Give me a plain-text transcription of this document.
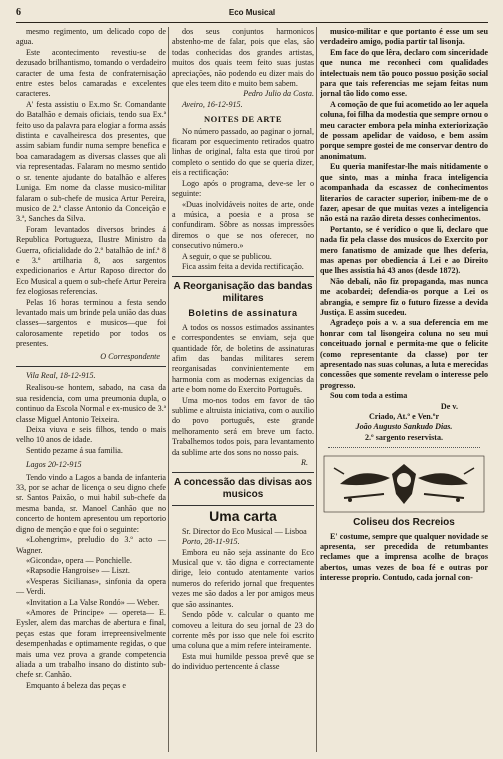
6	Eco Musical

mesmo regimento, um delicado copo de agua.

Este acontecimento revestiu-se de dezusado brilhantismo, tomando o verdadeiro caracter de uma festa de confraternisação entre estes belos camaradas e excelentes caracteres.

A' festa assistiu o Ex.mo Sr. Comandante do Batalhão e demais oficiais, tendo sua Ex.ª feito uso da palavra para elogiar a forma assás distinta e cavalheiresca dos presentes, que assim sabiam fundir numa sempre benefica e boa camaradagem as diversas classes que ali via representadas. Falaram no mesmo sentido o sr. tenente ajudante do batalhão e alferes Luniga. Em nome da classe musico-militar falaram o sub-chefe de musica Artur Pereira, musico de 2.ª classe Antonio da Conceição e 3.ª, Sanches da Silva.

Foram levantados diversos brindes á Republica Portugueza, Ilustre Ministro da Guerra, oficialidade do 2.º batalhão de inf.ª 8 e 3.º artilharia 8, aos sargentos expedicionarios e Artur Raposo director do Eco Musical a quem o sub-chefe Artur Pereira fez elogiosas referencias.

Pelas 16 horas terminou a festa sendo levantado mais um brinde pela união das duas classes—sargentos e musicos—que foi calorosamente repetido por todos os presentes.

O Correspondente

Vila Real, 18-12-915.

Realisou-se hontem, sabado, na casa da sua residencia, com uma preumonia dupla, o continuo da Escola Normal e ex-musico de 3.ª classe Miguel Antonio Teixeira.

Deixa viuva e seis filhos, tendo o mais velho 10 anos de idade.

Sentido pezame á sua familia.

Lagos 20-12-915

Tendo vindo a Lagos a banda de infanteria 33, por se achar de licença o seu digno chefe sr. Santos Paixão, o mui habil sub-chefe da mesma banda, sr. Manoel Canhão que no concerto de hontem apresentou um reportorio digno de menção e que foi o seguinte:

«Lohengrim», preludio do 3.º acto —Wagner.

«Giconda», opera — Ponchielle.

«Rapsodie Hangroise» — Liszt.

«Vesperas Sicilianas», sinfonia da opera — Verdi.

«Invitation a La Valse Rondó» — Weber.

«Amores de Principe» — opereta— E. Eysler, alem das marchas de abertura e final, peças estas que foram irrepreensivelmente desempenhadas e optimamente regidas, o que mais uma vez prova a grande competencia aliada a um trabalho insano do distinto sub-chefe sr. Canhão.

Emquanto á beleza das peças e

dos seus conjuntos harmonicos abstenho-me de falar, pois que elas, são todas conhecidas dos grandes artistas, muitos dos quais teem feito suas justas apreciações, não podendo eu dizer mais do que eles teem dito e muito bem sabem.

Pedro Julio da Costa.

Aveiro, 16-12-915.

NOITES DE ARTE

No número passado, ao paginar o jornal, ficaram por esquecimento retirados quatro linhas de original, falta esta que tiroú por completo o sentido do que se queria dizer, eis a rectificação:

Logo após o programa, deve-se ler o seguinte:

«Duas inolvidáveis noites de arte, onde a música, a poesia e a prosa se confundiram. Sôbre as nossas impressões diremos o que se nos oferecer, no consecutivo número.»

A seguir, o que se publicou.

Fica assim feita a devida rectificação.

A Reorganisação das bandas militares
Boletins de assinatura

A todos os nossos estimados assinantes e correspondentes se enviam, seja que quantidade fôr, de boletins de assinaturas afim das bandas militares serem reorganisadas convinientemente em harmonia com as modernas exigencias da arte e bom nome do Exercito Português.

Uma mo-nos todos em favor de tão sublime e altruista iniciativa, com o auxilio do povo português, este grande melhoramento será em breve um facto. Trabalhemos todos pois, para levantamento da sublime arte dos sons no nosso pais.

R.

A concessão das divisas aos musicos
Uma carta

Sr. Director do Eco Musical — Lisboa

Porto, 28-11-915.

Embora eu não seja assinante do Eco Musical que v. tão digna e correctamente dirige, leio contudo atentamente varios numeros do referido jornal que frequentes vezes me são dados a ler por amigos meus que são assinantes.

Sendo pôde v. calcular o quanto me comoveu a leitura do seu jornal de 23 do corrente mês por isso que nele foi escrito uma coluna que a mim refere inteiramente.

Esta mui humilde pessoa prevê que se do individuo pertencente á classe

musico-militar e que portanto é esse um seu verdadeiro amigo, podia partir tal lisonja.

Em face do que lêra, declaro com sinceridade que nunca me reconheci com qualidades intelectuais nem tão pouco possuo posição social para que tais referencias me sejam feitas num jornal tão lido como esse.

A comoção de que fui acometido ao ler aquela coluna, foi filha da modestia que sempre ornou o meu caracter embora pela minha exteriorização de possam apelidar de vaidoso, e bem assim porque sempre gostei de me conservar dentro do anonimatum.

Eu queria manifestar-lhe mais nitidamente o que sinto, mas a minha fraca inteligencia acompanhada da escassez de conhecimentos literarios de caracter superior, inibem-me de o fazer, apesar de que muitas vezes a inteligencia não está na razão direta desses conhecimentos.

Portanto, se é verídico o que li, declaro que nada fiz pela classe dos musicos do Exercito por mero fanatismo de amizade que lhes deferia, mas apenas por obediencia á Lei e ao Direito que lhes assistia há 43 anos (desde 1872).

Não debalí, não fiz propaganda, mas nunca me acobardei; defendia-os porque a Lei os abrangia, e sempre fiz o futuro fizesse a devida Justiça. E assim sucedeu.

Agradeço pois a v. a sua deferencia em me honrar com tal lisongeira coluna no seu mui conceituado jornal e permita-me que o felicite (como representante da classe) por ter apresentado nas suas colunas, a luta e merecidas concessões que somente revelam o interesse pelo progresso.

Sou com toda a estima

De v.

Criado, At.º e Ven.ºr

João Augusto Sankudo Dias.

2.º sargento reservista.

Coliseu dos Recreios

E' costume, sempre que qualquer novidade se apresenta, ser precedida de retumbantes reclames que a imprensa acolhe de braços abertos, umas vezes de boa fé e outras por interesse proprio. Contudo, cada jornal con-
